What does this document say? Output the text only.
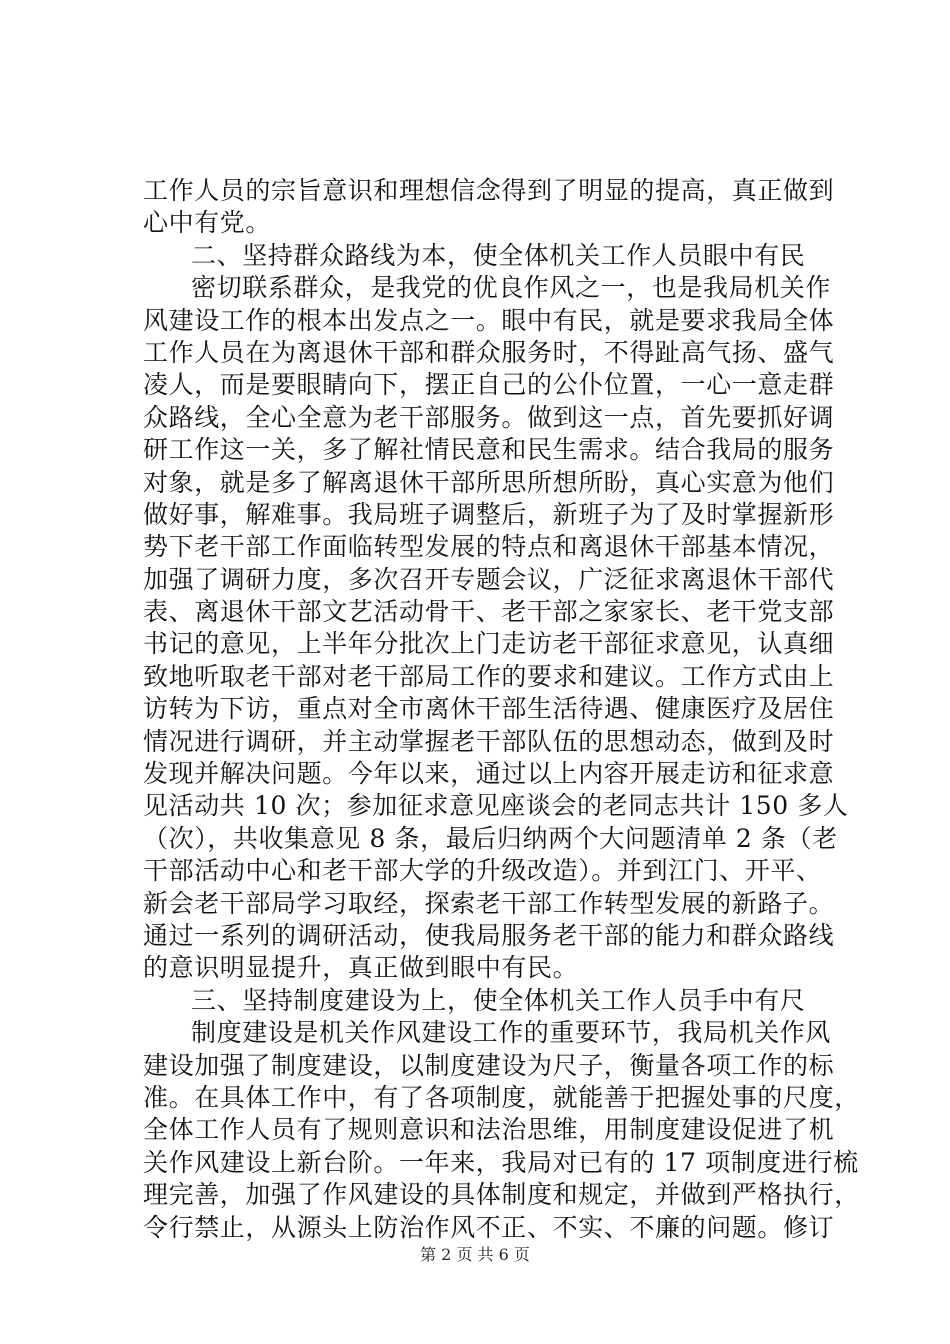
工作人员的宗旨意识和理想信念得到了明显的提高，真正做到
心中有党。
二、坚持群众路线为本，使全体机关工作人员眼中有民
密切联系群众，是我党的优良作风之一，也是我局机关作
风建设工作的根本出发点之一。眼中有民，就是要求我局全体
工作人员在为离退休干部和群众服务时，不得趾高气扬、盛气
凌人，而是要眼睛向下，摆正自己的公仆位置，一心一意走群
众路线，全心全意为老干部服务。做到这一点，首先要抓好调
研工作这一关，多了解社情民意和民生需求。结合我局的服务
对象，就是多了解离退休干部所思所想所盼，真心实意为他们
做好事，解难事。我局班子调整后，新班子为了及时掌握新形
势下老干部工作面临转型发展的特点和离退休干部基本情况，
加强了调研力度，多次召开专题会议，广泛征求离退休干部代
表、离退休干部文艺活动骨干、老干部之家家长、老干党支部
书记的意见，上半年分批次上门走访老干部征求意见，认真细
致地听取老干部对老干部局工作的要求和建议。工作方式由上
访转为下访，重点对全市离休干部生活待遇、健康医疗及居住
情况进行调研，并主动掌握老干部队伍的思想动态，做到及时
发现并解决问题。今年以来，通过以上内容开展走访和征求意
见活动共 10 次；参加征求意见座谈会的老同志共计 150 多人
（次），共收集意见 8 条，最后归纳两个大问题清单 2 条（老
干部活动中心和老干部大学的升级改造）。并到江门、开平、
新会老干部局学习取经，探索老干部工作转型发展的新路子。
通过一系列的调研活动，使我局服务老干部的能力和群众路线
的意识明显提升，真正做到眼中有民。
三、坚持制度建设为上，使全体机关工作人员手中有尺
制度建设是机关作风建设工作的重要环节，我局机关作风
建设加强了制度建设，以制度建设为尺子，衡量各项工作的标
准。在具体工作中，有了各项制度，就能善于把握处事的尺度，
全体工作人员有了规则意识和法治思维，用制度建设促进了机
关作风建设上新台阶。一年来，我局对已有的 17 项制度进行梳
理完善，加强了作风建设的具体制度和规定，并做到严格执行，
令行禁止，从源头上防治作风不正、不实、不廉的问题。修订
第 2 页 共 6 页
